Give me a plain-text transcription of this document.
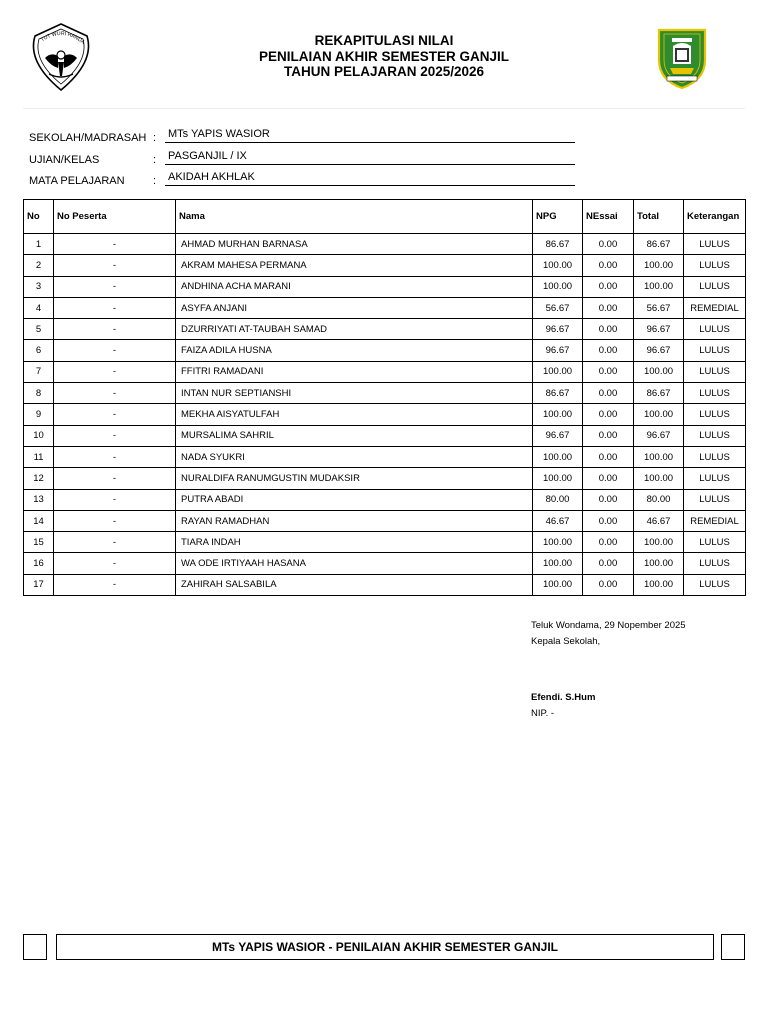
TUT WURI HANDA	REKAPITULASI NILAI
PENILAIAN AKHIR SEMESTER GANJIL
TAHUN PELAJARAN 2025/2026
SEKOLAH/MADRASAH : MTs YAPIS WASIOR
UJIAN/KELAS	: PASGANJIL / IX
MATA PELAJARAN	: AKIDAH AKHLAK
No	No Peserta	Nama	NPG	NEssai	Total	Keterangan
1	-	AHMAD MURHAN BARNASA	86.67	0.00	86.67	LULUS
2	-	AKRAM MAHESA PERMANA	100.00	0.00	100.00	LULUS
3	-	ANDHINA ACHA MARANI	100.00	0.00	100.00	LULUS
4	-	ASYFA ANJANI	56.67	0.00	56.67	REMEDIAL
5	-	DZURRIYATI AT-TAUBAH SAMAD	96.67	0.00	96.67	LULUS
6	-	FAIZA ADILA HUSNA	96.67	0.00	96.67	LULUS
7	-	FFITRI RAMADANI	100.00	0.00	100.00	LULUS
8	-	INTAN NUR SEPTIANSHI	86.67	0.00	86.67	LULUS
9	-	MEKHA AISYATULFAH	100.00	0.00	100.00	LULUS
10	-	MURSALIMA SAHRIL	96.67	0.00	96.67	LULUS
11	-	NADA SYUKRI	100.00	0.00	100.00	LULUS
12	-	NURALDIFA RANUMGUSTIN MUDAKSIR	100.00	0.00	100.00	LULUS
13	-	PUTRA ABADI	80.00	0.00	80.00	LULUS
14	-	RAYAN RAMADHAN	46.67	0.00	46.67	REMEDIAL
15	-	TIARA INDAH	100.00	0.00	100.00	LULUS
16	-	WA ODE IRTIYAAH HASANA	100.00	0.00	100.00	LULUS
17	-	ZAHIRAH SALSABILA	100.00	0.00	100.00	LULUS
Teluk Wondama, 29 Nopember 2025
Kepala Sekolah,
Efendi. S.Hum
NIP. -
MTs YAPIS WASIOR - PENILAIAN AKHIR SEMESTER GANJIL
